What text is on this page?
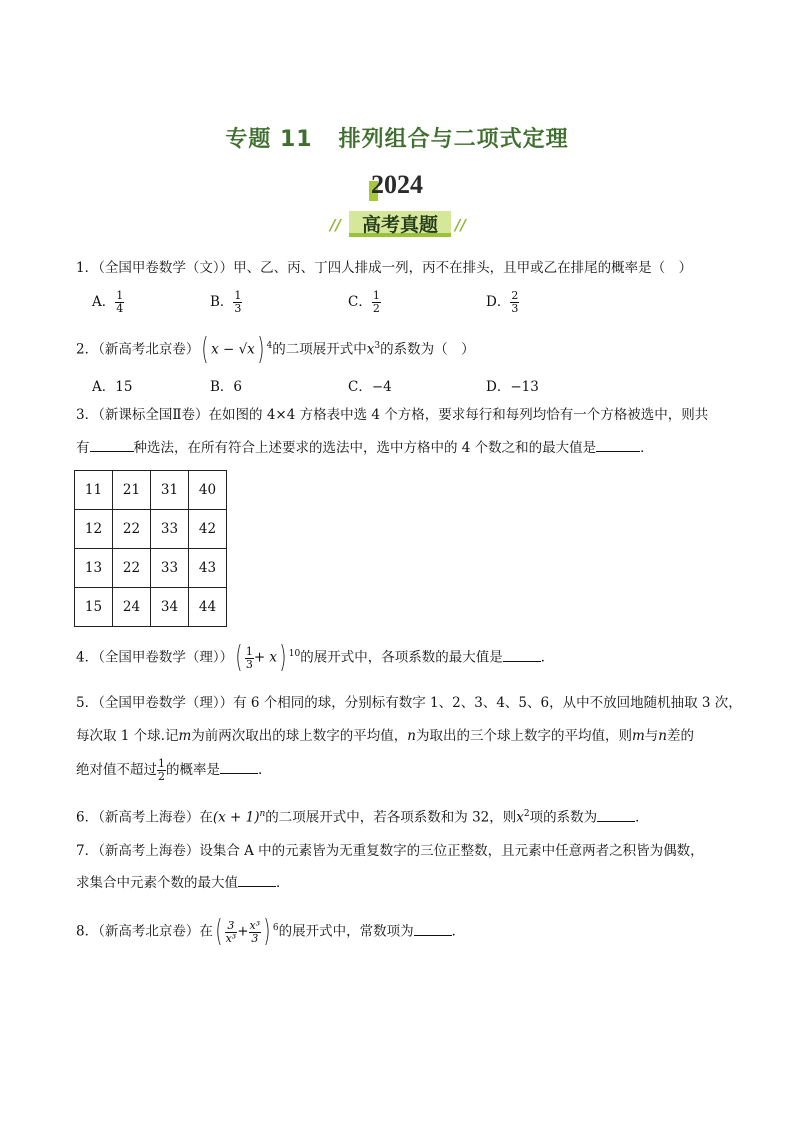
专题 11 排列组合与二项式定理
2024
高考真题
//	//
1．（全国甲卷数学（文））甲、乙、丙、丁四人排成一列，丙不在排头，且甲或乙在排尾的概率是（　）
A． $\frac{1}{4}$	B． $\frac{1}{3}$	C． $\frac{1}{2}$	D． $\frac{2}{3}$
2．（新高考北京卷）( x − √x) $^4$的二项展开式中$x^3$的系数为（　）
A．15	B．6	C．−4	D．−13
3．（新课标全国Ⅱ卷）在如图的 4×4 方格表中选 4 个方格，要求每行和每列均恰有一个方格被选中，则共
有	种选法，在所有符合上述要求的选法中，选中方格中的 4 个数之和的最大值是	．
11	21	31	40
12	22	33	42
13	22	33	43
15	24	34	44
4．（全国甲卷数学（理））( $\frac{1}{3} + x$) $^{10}$的展开式中，各项系数的最大值是	．
5．（全国甲卷数学（理））有 6 个相同的球，分别标有数字 1、2、3、4、5、6，从中不放回地随机抽取 3 次，
每次取 1 个球.记m为前两次取出的球上数字的平均值，n为取出的三个球上数字的平均值，则m与n差的
绝对值不超过 $\frac{1}{2}$ 的概率是	．
6．（新高考上海卷）在$(x + 1)^n$的二项展开式中，若各项系数和为 32，则$x^2$项的系数为	．
7．（新高考上海卷）设集合 A 中的元素皆为无重复数字的三位正整数，且元素中任意两者之积皆为偶数，
求集合中元素个数的最大值	．
8．（新高考北京卷）在( $\frac{3}{\text{x³}} + \frac{\text{x³}}{3}$ ) $^6$的展开式中，常数项为	．
